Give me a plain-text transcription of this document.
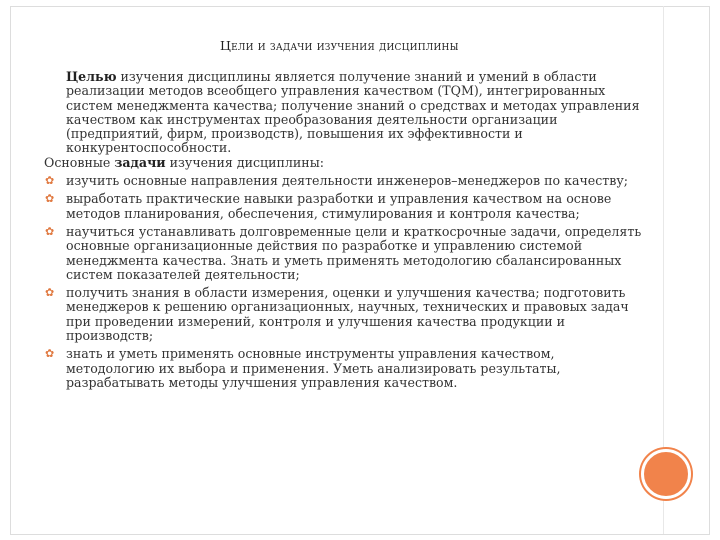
Цели и задачи изучения дисциплины
Целью изучения дисциплины является получение знаний и умений в области реализации методов всеобщего управления качеством (TQM), интегрированных систем менеджмента качества; получение знаний о средствах и методах управления качеством как инструментах преобразования деятельности организации (предприятий, фирм, производств), повышения их эффективности и конкурентоспособности.
Основные задачи изучения дисциплины:
✿ изучить основные направления деятельности инженеров–менеджеров по качеству;
✿ выработать практические навыки разработки и управления качеством на основе методов планирования, обеспечения, стимулирования и контроля качества;
✿ научиться устанавливать долговременные цели и краткосрочные задачи, определять основные организационные действия по разработке и управлению системой менеджмента качества. Знать и уметь применять методологию сбалансированных систем показателей деятельности;
✿ получить знания в области измерения, оценки и улучшения качества; подготовить менеджеров к решению организационных, научных, технических и правовых задач при проведении измерений, контроля и улучшения качества продукции и производств;
✿ знать и уметь применять основные инструменты управления качеством, методологию их выбора и применения. Уметь анализировать результаты, разрабатывать методы улучшения управления качеством.
